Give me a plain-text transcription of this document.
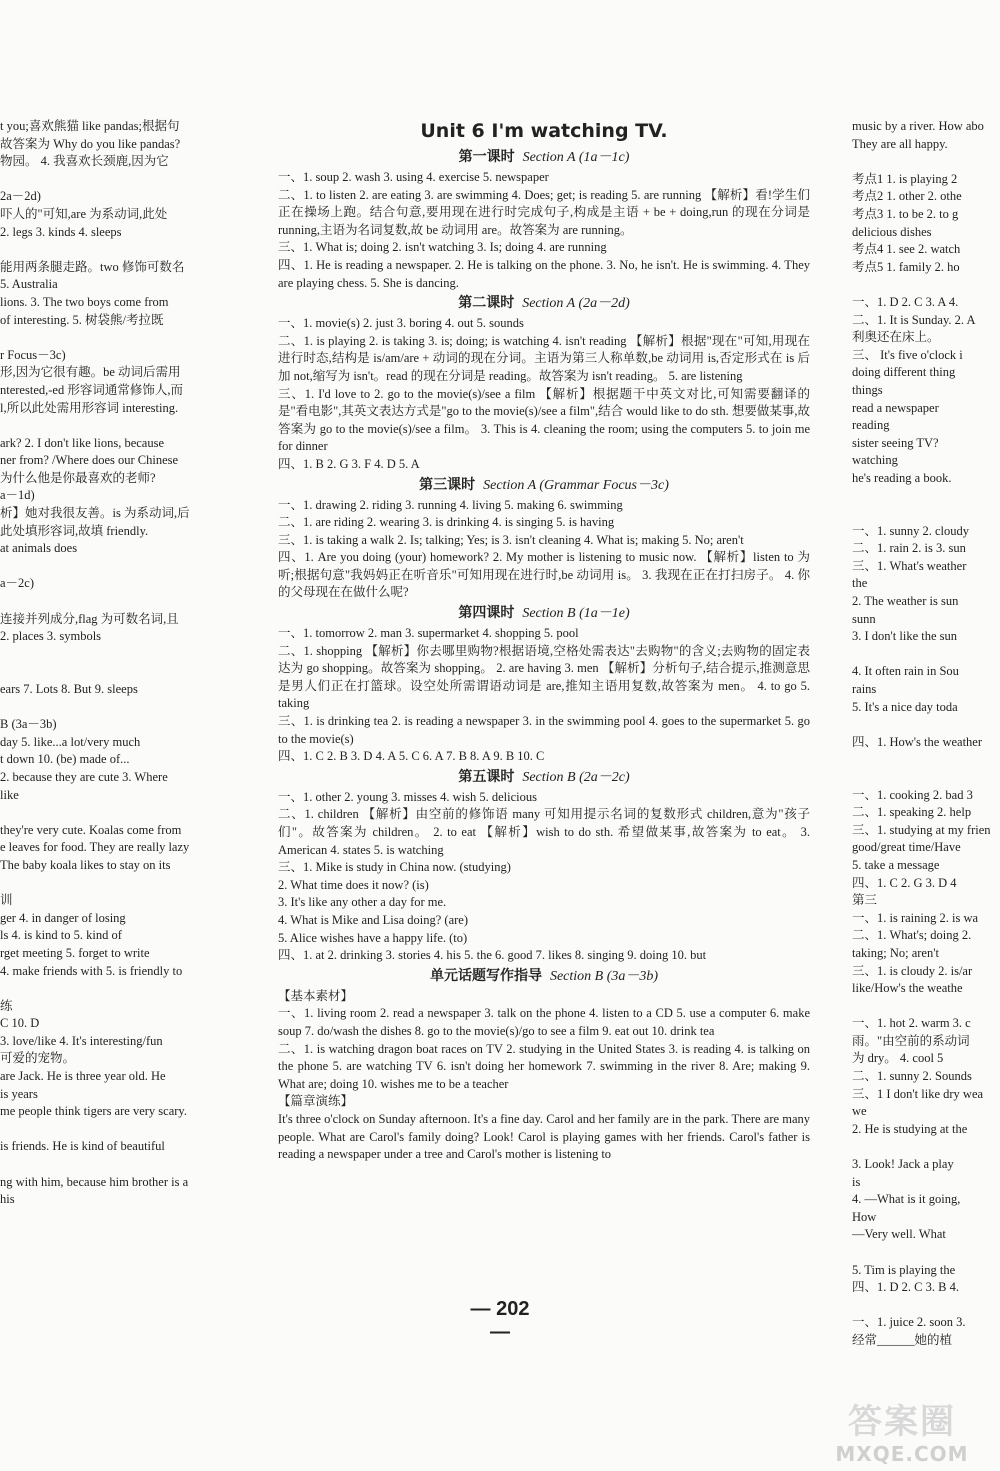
t you;喜欢熊猫 like pandas;根据句
故答案为 Why do you like pandas?
物园。 4. 我喜欢长颈鹿,因为它

2a－2d)
吓人的"可知,are 为系动词,此处
2. legs 3. kinds 4. sleeps

能用两条腿走路。two 修饰可数名
5. Australia
lions. 3. The two boys come from
of interesting. 5. 树袋熊/考拉既

r Focus－3c)
形,因为它很有趣。be 动词后需用
nterested,-ed 形容词通常修饰人,而
l,所以此处需用形容词 interesting.

ark? 2. I don't like lions, because
ner from? /Where does our Chinese
为什么他是你最喜欢的老师?
a－1d)
析】她对我很友善。is 为系动词,后
此处填形容词,故填 friendly.
at animals does

a－2c)

连接并列成分,flag 为可数名词,且
2. places 3. symbols

ears 7. Lots 8. But 9. sleeps

B (3a－3b)
day 5. like...a lot/very much
t down 10. (be) made of...
2. because they are cute 3. Where
like

they're very cute. Koalas come from
e leaves for food. They are really lazy
The baby koala likes to stay on its

训
ger 4. in danger of losing
ls 4. is kind to 5. kind of
rget meeting 5. forget to write
4. make friends with 5. is friendly to

练
C 10. D
3. love/like 4. It's interesting/fun
可爱的宠物。
are Jack. He is three year old. He
is years
me people think tigers are very scary.

is friends. He is kind of beautiful

ng with him, because him brother is a
his
Unit 6 I'm watching TV.
第一课时 Section A (1a－1c)
一、1. soup 2. wash 3. using 4. exercise 5. newspaper
二、1. to listen 2. are eating 3. are swimming 4. Does; get; is reading 5. are running 【解析】看!学生们正在操场上跑。结合句意,要用现在进行时完成句子,构成是主语 + be + doing,run 的现在分词是 running,主语为名词复数,故 be 动词用 are。故答案为 are running。
三、1. What is; doing 2. isn't watching 3. Is; doing 4. are running
四、1. He is reading a newspaper. 2. He is talking on the phone. 3. No, he isn't. He is swimming. 4. They are playing chess. 5. She is dancing.
第二课时 Section A (2a－2d)
一、1. movie(s) 2. just 3. boring 4. out 5. sounds
二、1. is playing 2. is taking 3. is; doing; is watching 4. isn't reading 【解析】根据"现在"可知,用现在进行时态,结构是 is/am/are + 动词的现在分词。主语为第三人称单数,be 动词用 is,否定形式在 is 后加 not,缩写为 isn't。read 的现在分词是 reading。故答案为 isn't reading。 5. are listening
三、1. I'd love to 2. go to the movie(s)/see a film 【解析】根据题干中英文对比,可知需要翻译的是"看电影",其英文表达方式是"go to the movie(s)/see a film",结合 would like to do sth. 想要做某事,故答案为 go to the movie(s)/see a film。 3. This is 4. cleaning the room; using the computers 5. to join me for dinner
四、1. B 2. G 3. F 4. D 5. A
第三课时 Section A (Grammar Focus－3c)
一、1. drawing 2. riding 3. running 4. living 5. making 6. swimming
二、1. are riding 2. wearing 3. is drinking 4. is singing 5. is having
三、1. is taking a walk 2. Is; talking; Yes; is 3. isn't cleaning 4. What is; making 5. No; aren't
四、1. Are you doing (your) homework? 2. My mother is listening to music now. 【解析】listen to 为听;根据句意"我妈妈正在听音乐"可知用现在进行时,be 动词用 is。 3. 我现在正在打扫房子。 4. 你的父母现在在做什么呢?
第四课时 Section B (1a－1e)
一、1. tomorrow 2. man 3. supermarket 4. shopping 5. pool
二、1. shopping 【解析】你去哪里购物?根据语境,空格处需表达"去购物"的含义;去购物的固定表达为 go shopping。故答案为 shopping。 2. are having 3. men 【解析】分析句子,结合提示,推测意思是男人们正在打篮球。设空处所需谓语动词是 are,推知主语用复数,故答案为 men。 4. to go 5. taking
三、1. is drinking tea 2. is reading a newspaper 3. in the swimming pool 4. goes to the supermarket 5. go to the movie(s)
四、1. C 2. B 3. D 4. A 5. C 6. A 7. B 8. A 9. B 10. C
第五课时 Section B (2a－2c)
一、1. other 2. young 3. misses 4. wish 5. delicious
二、1. children 【解析】由空前的修饰语 many 可知用提示名词的复数形式 children,意为"孩子们"。故答案为 children。 2. to eat 【解析】wish to do sth. 希望做某事,故答案为 to eat。 3. American 4. states 5. is watching
三、1. Mike is study in China now. (studying)
2. What time does it now? (is)
3. It's like any other a day for me.
4. What is Mike and Lisa doing? (are)
5. Alice wishes have a happy life. (to)
四、1. at 2. drinking 3. stories 4. his 5. the 6. good 7. likes 8. singing 9. doing 10. but
单元话题写作指导 Section B (3a－3b)
【基本素材】
一、1. living room 2. read a newspaper 3. talk on the phone 4. listen to a CD 5. use a computer 6. make soup 7. do/wash the dishes 8. go to the movie(s)/go to see a film 9. eat out 10. drink tea
二、1. is watching dragon boat races on TV 2. studying in the United States 3. is reading 4. is talking on the phone 5. are watching TV 6. isn't doing her homework 7. swimming in the river 8. Are; making 9. What are; doing 10. wishes me to be a teacher
【篇章演练】
It's three o'clock on Sunday afternoon. It's a fine day. Carol and her family are in the park. There are many people. What are Carol's family doing? Look! Carol is playing games with her friends. Carol's father is reading a newspaper under a tree and Carol's mother is listening to
music by a river. How abo
They are all happy.

考点1 1. is playing 2
考点2 1. other 2. othe
考点3 1. to be 2. to g
delicious dishes
考点4 1. see 2. watch
考点5 1. family 2. ho

一、1. D 2. C 3. A 4.
二、1. It is Sunday. 2. A
利奥还在床上。
三、 It's five o'clock i
doing different thing
things
read a newspaper
reading
sister seeing TV?
watching
he's reading a book.

一、1. sunny 2. cloudy
二、1. rain 2. is 3. sun
三、1. What's weather
the
2. The weather is sun
sunn
3. I don't like the sun

4. It often rain in Sou
rains
5. It's a nice day toda

四、1. How's the weather

一、1. cooking 2. bad 3
二、1. speaking 2. help
三、1. studying at my frien
good/great time/Have
5. take a message
四、1. C 2. G 3. D 4
第三
一、1. is raining 2. is wa
二、1. What's; doing 2.
taking; No; aren't
三、1. is cloudy 2. is/ar
like/How's the weathe

一、1. hot 2. warm 3. c
雨。"由空前的系动词
为 dry。 4. cool 5
二、1. sunny 2. Sounds
三、1 I don't like dry wea
we
2. He is studying at the

3. Look! Jack a play
is
4. —What is it going,
How
—Very well. What

5. Tim is playing the
四、1. D 2. C 3. B 4.

一、1. juice 2. soon 3.
经常______她的植
— 202 —
答案圈
MXQE.COM
